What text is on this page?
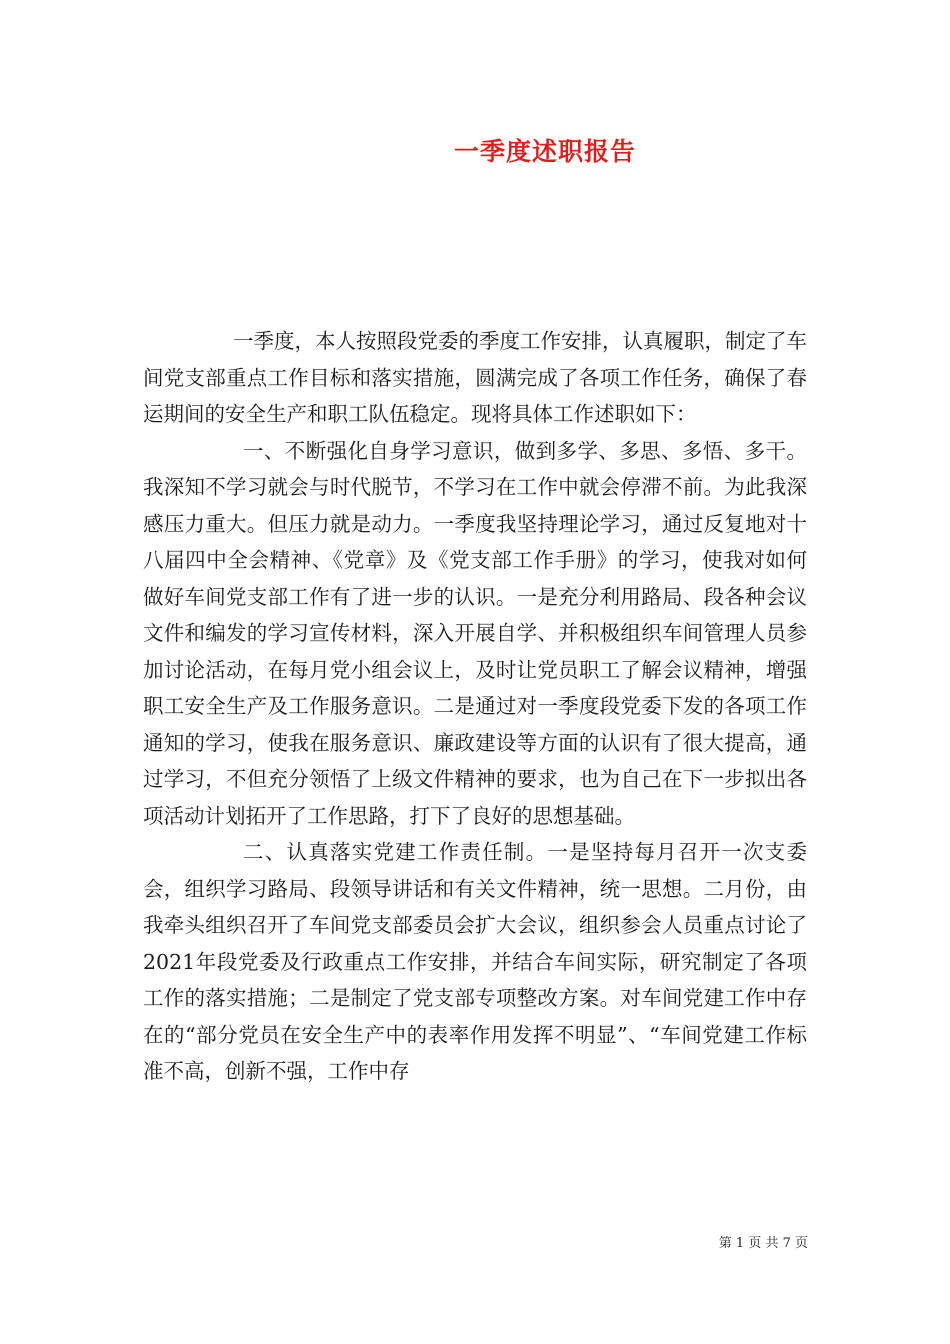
一季度述职报告

一季度，本人按照段党委的季度工作安排，认真履职，制定了车间党支部重点工作目标和落实措施，圆满完成了各项工作任务，确保了春运期间的安全生产和职工队伍稳定。现将具体工作述职如下：

一、不断强化自身学习意识，做到多学、多思、多悟、多干。我深知不学习就会与时代脱节，不学习在工作中就会停滞不前。为此我深感压力重大。但压力就是动力。一季度我坚持理论学习，通过反复地对十八届四中全会精神、《党章》及《党支部工作手册》的学习，使我对如何做好车间党支部工作有了进一步的认识。一是充分利用路局、段各种会议文件和编发的学习宣传材料，深入开展自学、并积极组织车间管理人员参加讨论活动，在每月党小组会议上，及时让党员职工了解会议精神，增强职工安全生产及工作服务意识。二是通过对一季度段党委下发的各项工作通知的学习，使我在服务意识、廉政建设等方面的认识有了很大提高，通过学习，不但充分领悟了上级文件精神的要求，也为自己在下一步拟出各项活动计划拓开了工作思路，打下了良好的思想基础。

二、认真落实党建工作责任制。一是坚持每月召开一次支委会，组织学习路局、段领导讲话和有关文件精神，统一思想。二月份，由我牵头组织召开了车间党支部委员会扩大会议，组织参会人员重点讨论了2021年段党委及行政重点工作安排，并结合车间实际，研究制定了各项工作的落实措施；二是制定了党支部专项整改方案。对车间党建工作中存在的“部分党员在安全生产中的表率作用发挥不明显”、“车间党建工作标准不高，创新不强，工作中存

第 1 页 共 7 页
